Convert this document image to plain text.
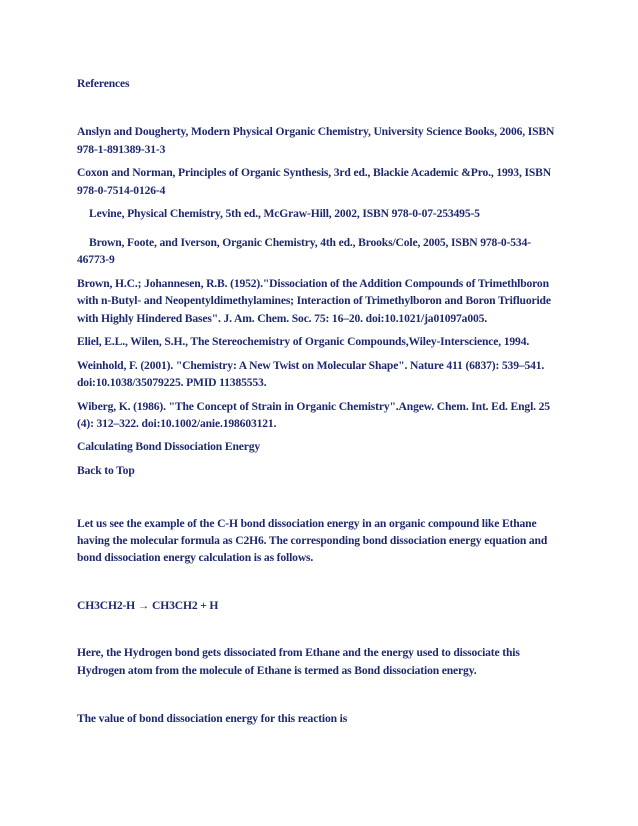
References
Anslyn and Dougherty, Modern Physical Organic Chemistry, University Science Books, 2006, ISBN
978-1-891389-31-3
Coxon and Norman, Principles of Organic Synthesis, 3rd ed., Blackie Academic &Pro., 1993, ISBN
978-0-7514-0126-4
Levine, Physical Chemistry, 5th ed., McGraw-Hill, 2002, ISBN 978-0-07-253495-5
Brown, Foote, and Iverson, Organic Chemistry, 4th ed., Brooks/Cole, 2005, ISBN 978-0-534-
46773-9
Brown, H.C.; Johannesen, R.B. (1952)."Dissociation of the Addition Compounds of Trimethlboron
with n-Butyl- and Neopentyldimethylamines; Interaction of Trimethylboron and Boron Trifluoride
with Highly Hindered Bases". J. Am. Chem. Soc. 75: 16–20. doi:10.1021/ja01097a005.
Eliel, E.L., Wilen, S.H., The Stereochemistry of Organic Compounds,Wiley-Interscience, 1994.
Weinhold, F. (2001). "Chemistry: A New Twist on Molecular Shape". Nature 411 (6837): 539–541.
doi:10.1038/35079225. PMID 11385553.
Wiberg, K. (1986). "The Concept of Strain in Organic Chemistry".Angew. Chem. Int. Ed. Engl. 25
(4): 312–322. doi:10.1002/anie.198603121.
Calculating Bond Dissociation Energy
Back to Top
Let us see the example of the C-H bond dissociation energy in an organic compound like Ethane
having the molecular formula as C2H6. The corresponding bond dissociation energy equation and
bond dissociation energy calculation is as follows.
CH3CH2-H → CH3CH2 + H
Here, the Hydrogen bond gets dissociated from Ethane and the energy used to dissociate this
Hydrogen atom from the molecule of Ethane is termed as Bond dissociation energy.
The value of bond dissociation energy for this reaction is
